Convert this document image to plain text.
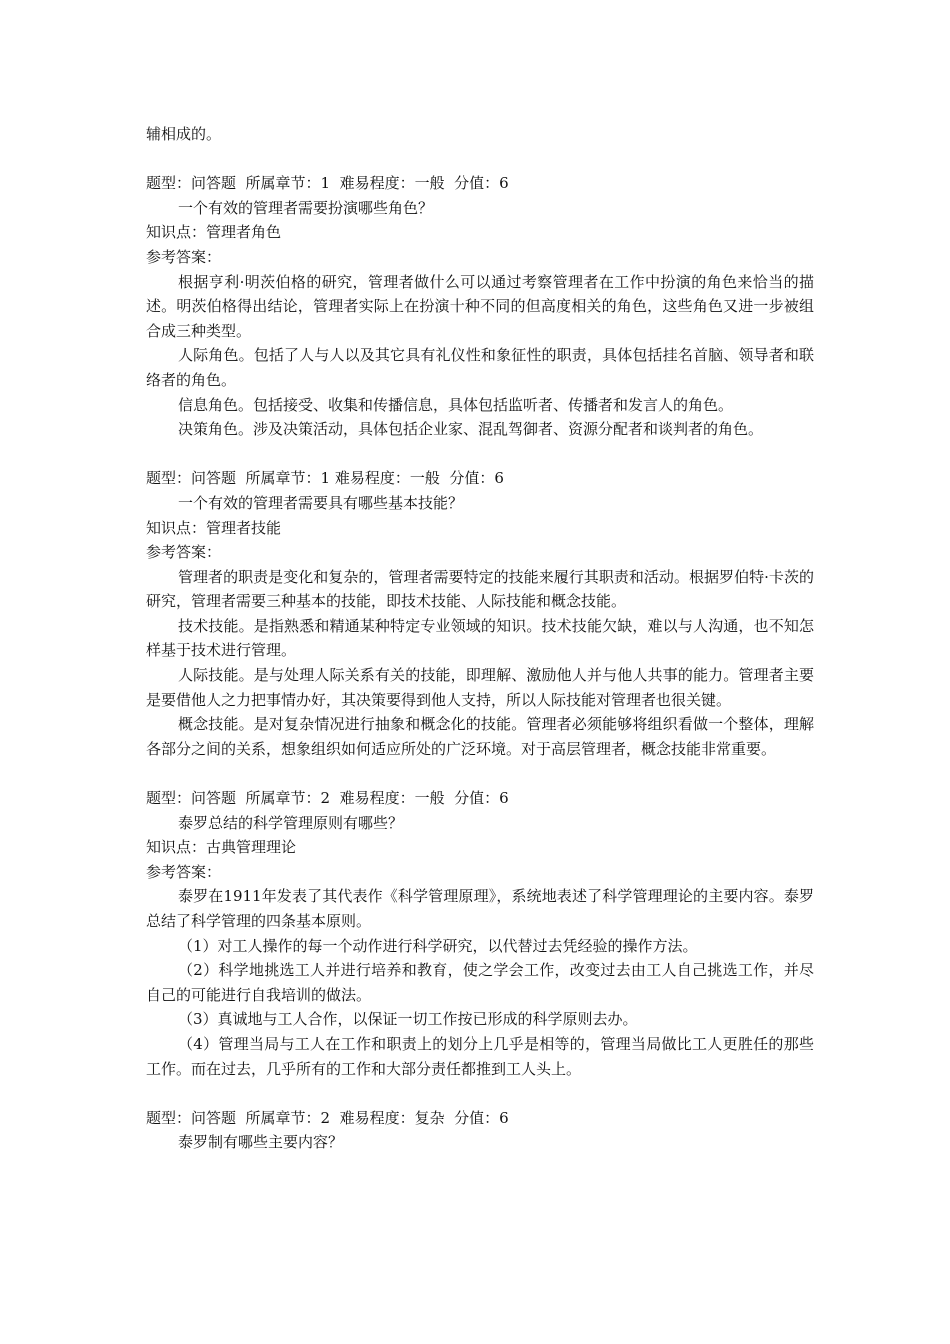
辅相成的。

题型：问答题  所属章节：1  难易程度：一般  分值：6

一个有效的管理者需要扮演哪些角色？

知识点：管理者角色

参考答案：

根据亨利·明茨伯格的研究，管理者做什么可以通过考察管理者在工作中扮演的角色来恰当的描述。明茨伯格得出结论，管理者实际上在扮演十种不同的但高度相关的角色，这些角色又进一步被组合成三种类型。

人际角色。包括了人与人以及其它具有礼仪性和象征性的职责，具体包括挂名首脑、领导者和联络者的角色。

信息角色。包括接受、收集和传播信息，具体包括监听者、传播者和发言人的角色。

决策角色。涉及决策活动，具体包括企业家、混乱驾御者、资源分配者和谈判者的角色。

题型：问答题  所属章节：1 难易程度：一般  分值：6

一个有效的管理者需要具有哪些基本技能？

知识点：管理者技能

参考答案：

管理者的职责是变化和复杂的，管理者需要特定的技能来履行其职责和活动。根据罗伯特·卡茨的研究，管理者需要三种基本的技能，即技术技能、人际技能和概念技能。

技术技能。是指熟悉和精通某种特定专业领域的知识。技术技能欠缺，难以与人沟通，也不知怎样基于技术进行管理。

人际技能。是与处理人际关系有关的技能，即理解、激励他人并与他人共事的能力。管理者主要是要借他人之力把事情办好，其决策要得到他人支持，所以人际技能对管理者也很关键。

概念技能。是对复杂情况进行抽象和概念化的技能。管理者必须能够将组织看做一个整体，理解各部分之间的关系，想象组织如何适应所处的广泛环境。对于高层管理者，概念技能非常重要。

题型：问答题  所属章节：2  难易程度：一般  分值：6

泰罗总结的科学管理原则有哪些？

知识点：古典管理理论

参考答案：

泰罗在1911年发表了其代表作《科学管理原理》，系统地表述了科学管理理论的主要内容。泰罗总结了科学管理的四条基本原则。

（1）对工人操作的每一个动作进行科学研究，以代替过去凭经验的操作方法。

（2）科学地挑选工人并进行培养和教育，使之学会工作，改变过去由工人自己挑选工作，并尽自己的可能进行自我培训的做法。

（3）真诚地与工人合作，以保证一切工作按已形成的科学原则去办。

（4）管理当局与工人在工作和职责上的划分上几乎是相等的，管理当局做比工人更胜任的那些工作。而在过去，几乎所有的工作和大部分责任都推到工人头上。

题型：问答题  所属章节：2  难易程度：复杂  分值：6

泰罗制有哪些主要内容？
